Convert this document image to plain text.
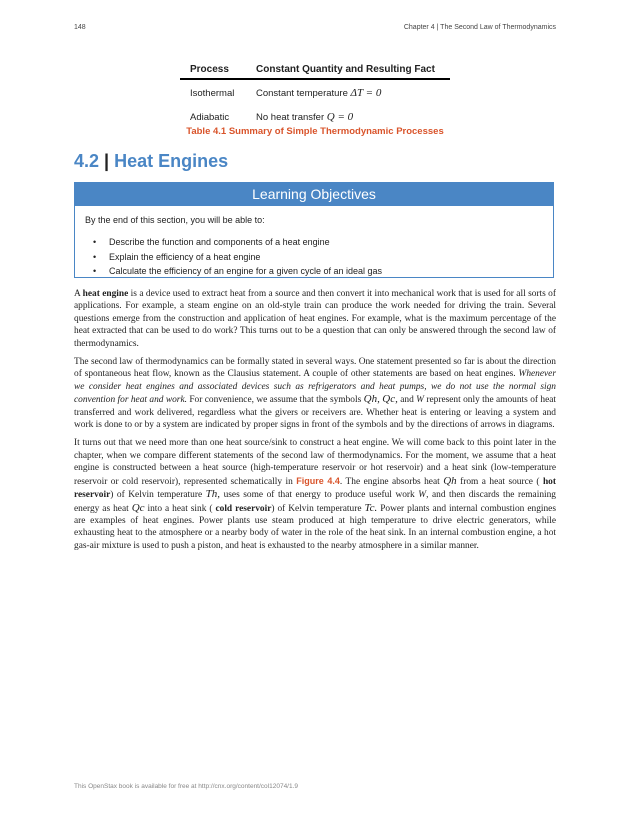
148	Chapter 4 | The Second Law of Thermodynamics
Process	Constant Quantity and Resulting Fact
Isothermal	Constant temperature ΔT = 0
Adiabatic	No heat transfer Q = 0
Table 4.1 Summary of Simple Thermodynamic Processes
4.2 | Heat Engines
Learning Objectives
By the end of this section, you will be able to:
• Describe the function and components of a heat engine
• Explain the efficiency of a heat engine
• Calculate the efficiency of an engine for a given cycle of an ideal gas

A heat engine is a device used to extract heat from a source and then convert it into mechanical work that is used for all sorts of applications. For example, a steam engine on an old-style train can produce the work needed for driving the train. Several questions emerge from the construction and application of heat engines. For example, what is the maximum percentage of the heat extracted that can be used to do work? This turns out to be a question that can only be answered through the second law of thermodynamics.

The second law of thermodynamics can be formally stated in several ways. One statement presented so far is about the direction of spontaneous heat flow, known as the Clausius statement. A couple of other statements are based on heat engines. Whenever we consider heat engines and associated devices such as refrigerators and heat pumps, we do not use the normal sign convention for heat and work. For convenience, we assume that the symbols Qh, Qc, and W represent only the amounts of heat transferred and work delivered, regardless what the givers or receivers are. Whether heat is entering or leaving a system and work is done to or by a system are indicated by proper signs in front of the symbols and by the directions of arrows in diagrams.

It turns out that we need more than one heat source/sink to construct a heat engine. We will come back to this point later in the chapter, when we compare different statements of the second law of thermodynamics. For the moment, we assume that a heat engine is constructed between a heat source (high-temperature reservoir or hot reservoir) and a heat sink (low-temperature reservoir or cold reservoir), represented schematically in Figure 4.4. The engine absorbs heat Qh from a heat source ( hot reservoir) of Kelvin temperature Th, uses some of that energy to produce useful work W, and then discards the remaining energy as heat Qc into a heat sink ( cold reservoir) of Kelvin temperature Tc. Power plants and internal combustion engines are examples of heat engines. Power plants use steam produced at high temperature to drive electric generators, while exhausting heat to the atmosphere or a nearby body of water in the role of the heat sink. In an internal combustion engine, a hot gas-air mixture is used to push a piston, and heat is exhausted to the nearby atmosphere in a similar manner.

This OpenStax book is available for free at http://cnx.org/content/col12074/1.9
